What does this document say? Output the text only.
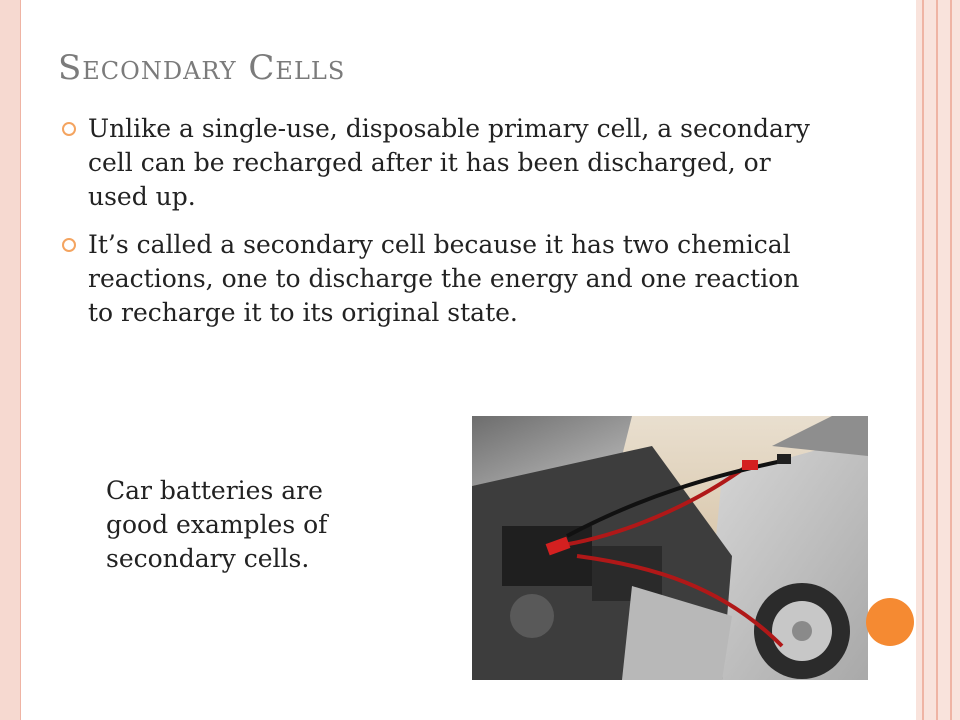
Secondary Cells
Unlike a single-use, disposable primary cell, a secondary cell can be recharged after it has been discharged, or used up.
It’s called a secondary cell because it has two chemical reactions, one to discharge the energy and one reaction to recharge it to its original state.
Car batteries are good examples of secondary cells.
